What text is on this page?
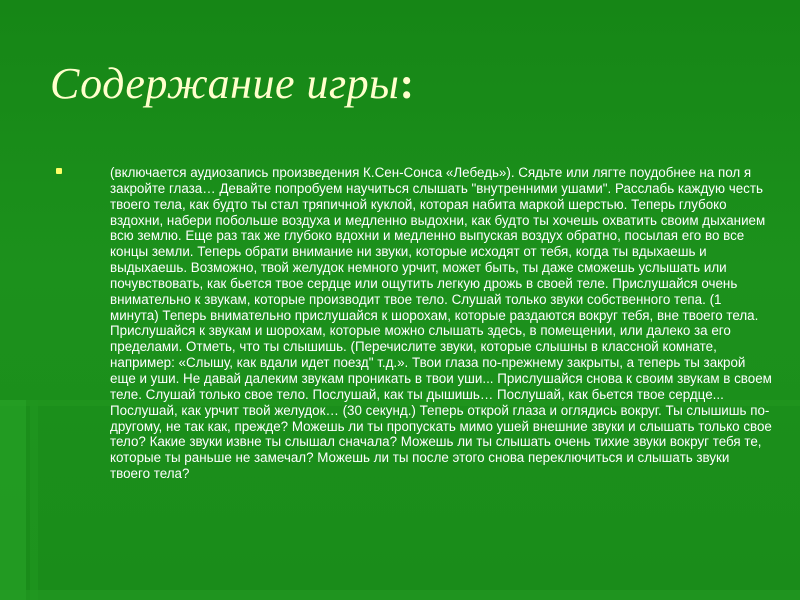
Содержание игры:

(включается аудиозапись произведения К.Сен-Сонса «Лебедь»). Сядьте или лягте поудобнее на пол я закройте глаза… Девайте попробуем научиться слышать "внутренними ушами". Расслабь каждую честь твоего тела, как будто ты стал тряпичной куклой, которая набита маркой шерстью. Теперь глубоко вздохни, набери побольше воздуха и медленно выдохни, как будто ты хочешь охватить своим дыханием всю землю. Еще раз так же глубоко вдохни и медленно выпуская воздух обратно, посылая его во все концы земли. Теперь обрати внимание ни звуки, которые исходят от тебя, когда ты вдыхаешь и выдыхаешь. Возможно, твой желудок немного урчит, может быть, ты даже сможешь услышать или почувствовать, как бьется твое сердце или ощутить легкую дрожь в своей теле. Прислушайся очень внимательно к звукам, которые производит твое тело. Слушай только звуки собственного тепа. (1 минута) Теперь внимательно прислушайся к шорохам, которые раздаются вокруг тебя, вне твоего тела. Прислушайся к звукам и шорохам, которые можно слышать здесь, в помещении, или далеко за его пределами. Отметь, что ты слышишь. (Перечислите звуки, которые слышны в классной комнате, например: «Слышу, как вдали идет поезд" т.д.». Твои глаза по-прежнему закрыты, а теперь ты закрой еще и уши. Не давай далеким звукам проникать в твои уши... Прислушайся снова к своим звукам в своем теле. Слушай только свое тело. Послушай, как ты дышишь… Послушай, как бьется твое сердце... Послушай, как урчит твой желудок… (30 секунд.) Теперь открой глаза и оглядись вокруг. Ты слышишь по-другому, не так как, прежде? Можешь ли ты пропускать мимо ушей внешние звуки и слышать только свое тело? Какие звуки извне ты слышал сначала? Можешь ли ты слышать очень тихие звуки вокруг тебя те, которые ты раньше не замечал? Можешь ли ты после этого снова переключиться и слышать звуки твоего тела?
